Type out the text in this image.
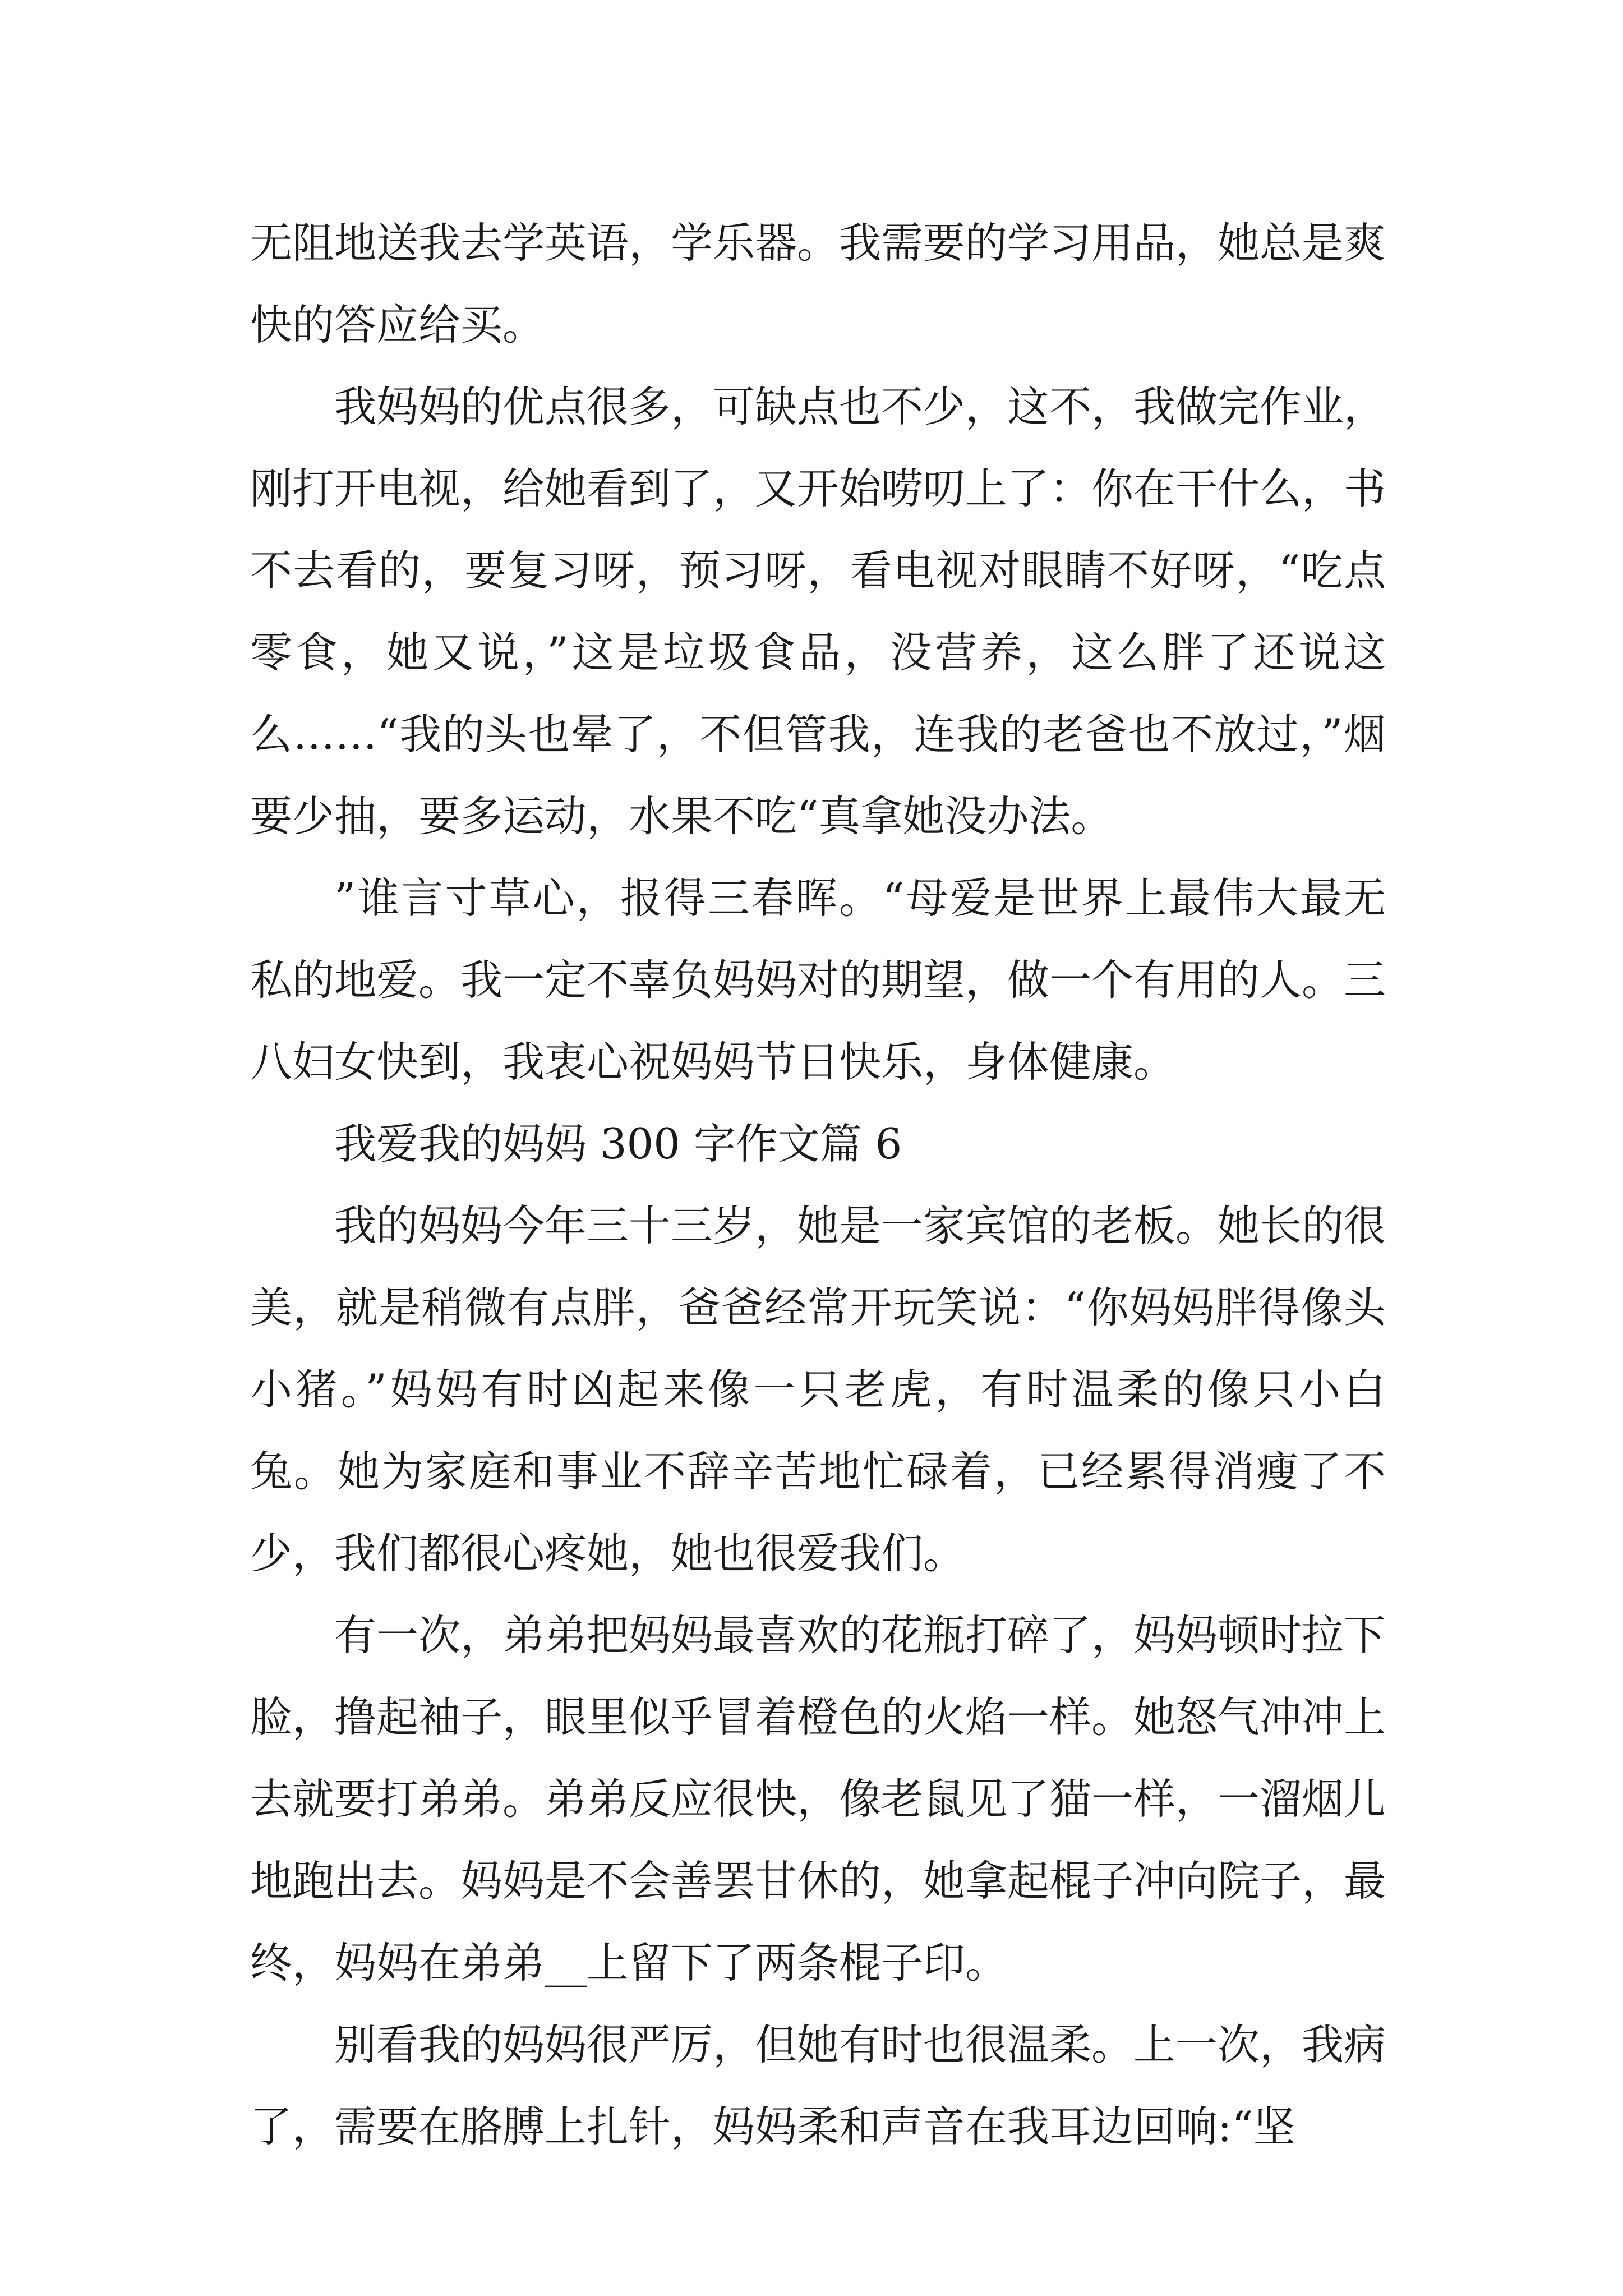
无阻地送我去学英语，学乐器。我需要的学习用品，她总是爽快的答应给买。

我妈妈的优点很多，可缺点也不少，这不，我做完作业，刚打开电视，给她看到了，又开始唠叨上了：你在干什么，书不去看的，要复习呀，预习呀，看电视对眼睛不好呀，“吃点零食，她又说，”这是垃圾食品，没营养，这么胖了还说这么……“我的头也晕了，不但管我，连我的老爸也不放过，”烟要少抽，要多运动，水果不吃“真拿她没办法。

”谁言寸草心，报得三春晖。“母爱是世界上最伟大最无私的地爱。我一定不辜负妈妈对的期望，做一个有用的人。三八妇女快到，我衷心祝妈妈节日快乐，身体健康。

我爱我的妈妈 300 字作文篇 6

我的妈妈今年三十三岁，她是一家宾馆的老板。她长的很美，就是稍微有点胖，爸爸经常开玩笑说：“你妈妈胖得像头小猪。”妈妈有时凶起来像一只老虎，有时温柔的像只小白兔。她为家庭和事业不辞辛苦地忙碌着，已经累得消瘦了不少，我们都很心疼她，她也很爱我们。

有一次，弟弟把妈妈最喜欢的花瓶打碎了，妈妈顿时拉下脸，撸起袖子，眼里似乎冒着橙色的火焰一样。她怒气冲冲上去就要打弟弟。弟弟反应很快，像老鼠见了猫一样，一溜烟儿地跑出去。妈妈是不会善罢甘休的，她拿起棍子冲向院子，最终，妈妈在弟弟__上留下了两条棍子印。

别看我的妈妈很严厉，但她有时也很温柔。上一次，我病了，需要在胳膊上扎针，妈妈柔和声音在我耳边回响:“坚
